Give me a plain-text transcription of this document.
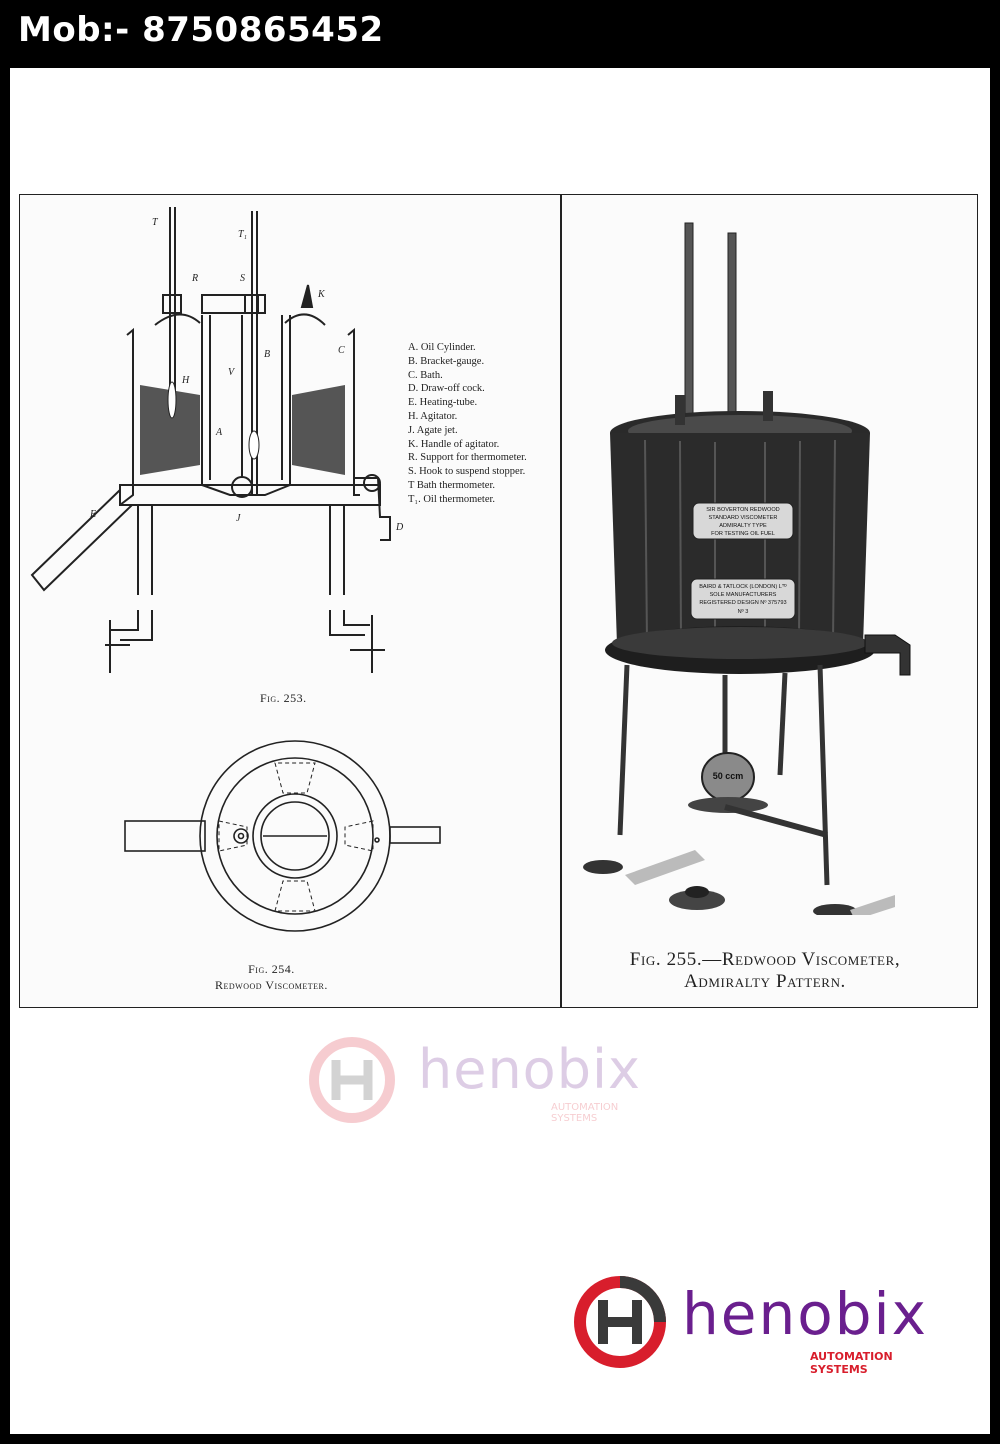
Mob:- 8750865452
T
T₁
R	S
K
B	C
H
V
A
E	J
D
A. Oil Cylinder.
B. Bracket-gauge.
C. Bath.
D. Draw-off cock.
E. Heating-tube.
H. Agitator.
J. Agate jet.
K. Handle of agitator.
R. Support for thermometer.
S. Hook to suspend stopper.
T Bath thermometer.
T₁. Oil thermometer.
Fig. 253.
Fig. 254.
Redwood Viscometer.
SIR BOVERTON REDWOOD
STANDARD VISCOMETER
ADMIRALTY TYPE
FOR TESTING OIL FUEL
BAIRD & TATLOCK (LONDON) Lᵀᴰ
SOLE MANUFACTURERS
REGISTERED DESIGN Nº 375793
Nº 3
50 ccm
Fig. 255.—Redwood Viscometer,
Admiralty Pattern.
henobix
AUTOMATION SYSTEMS
henobix
AUTOMATION SYSTEMS
